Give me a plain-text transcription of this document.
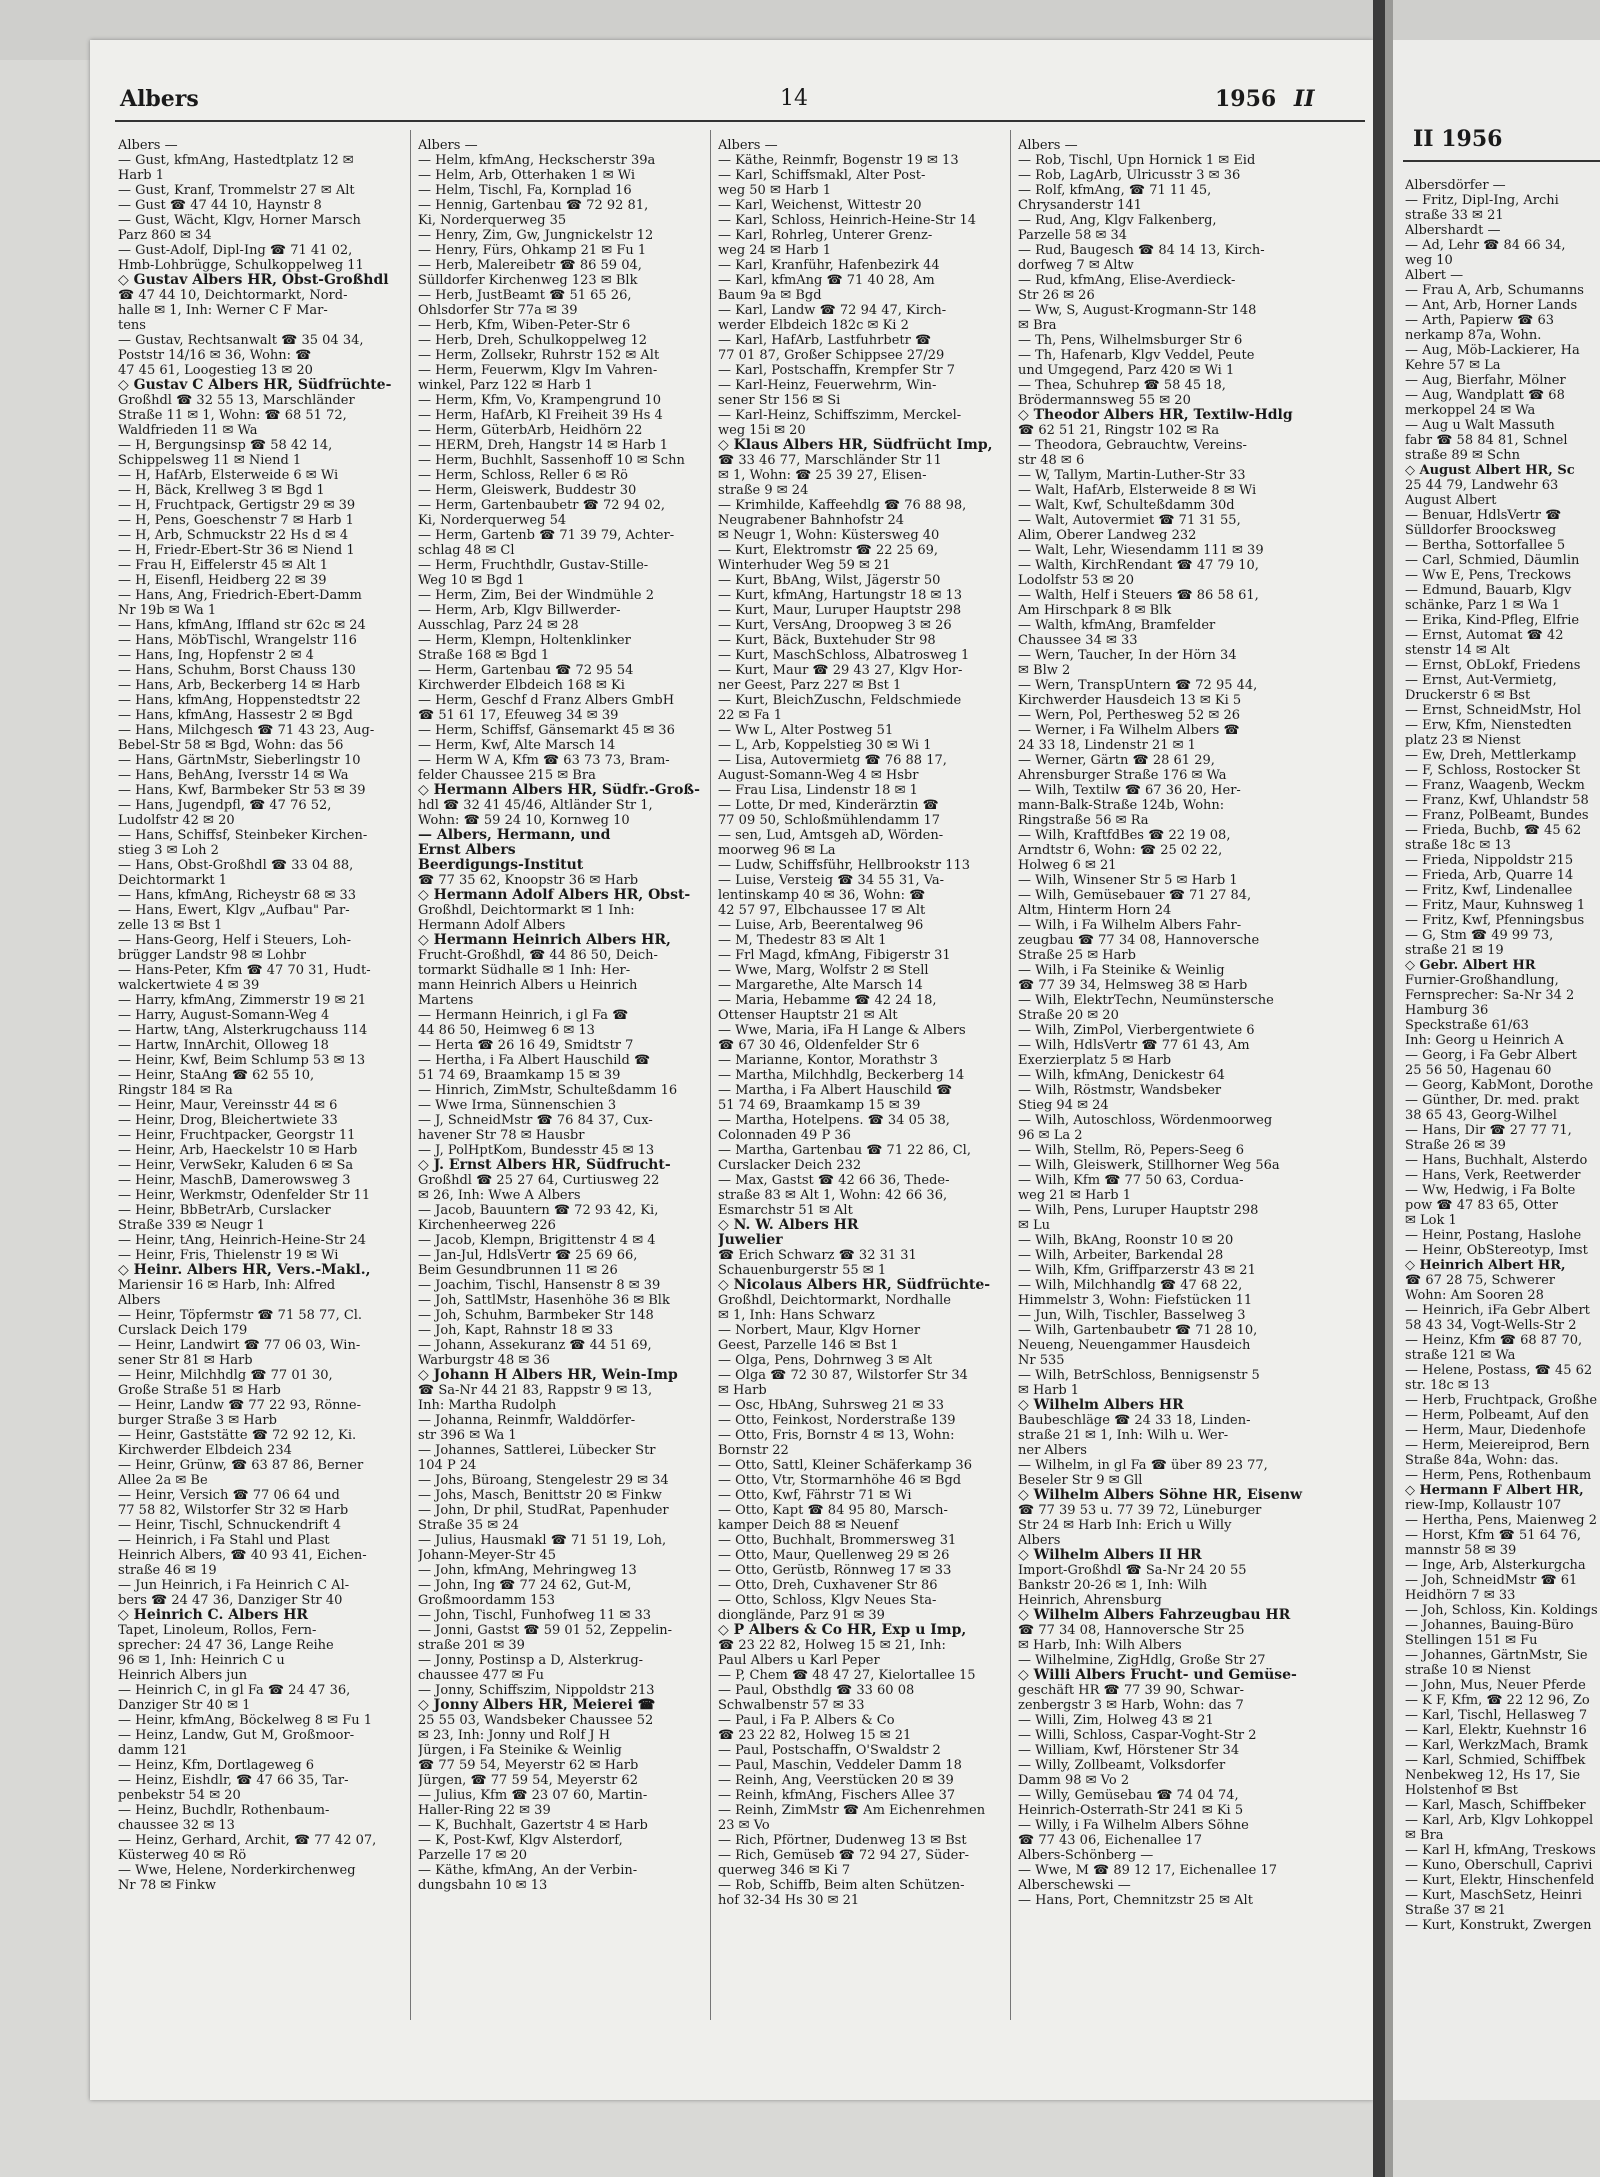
II 1956

Albersdörfer —

— Fritz, Dipl-Ing, Archi

straße 33 ✉ 21

Albershardt —

— Ad, Lehr ☎ 84 66 34,

weg 10

Albert —

— Frau A, Arb, Schumanns

— Ant, Arb, Horner Lands

— Arth, Papierw ☎ 63

nerkamp 87a, Wohn.

— Aug, Möb-Lackierer, Ha

Kehre 57 ✉ La

— Aug, Bierfahr, Mölner

— Aug, Wandplatt ☎ 68

merkoppel 24 ✉ Wa

— Aug u Walt Massuth

fabr ☎ 58 84 81, Schnel

straße 89 ✉ Schn

◇ August Albert HR, Sc

25 44 79, Landwehr 63

August Albert

— Benuar, HdlsVertr ☎

Sülldorfer Broocksweg

— Bertha, Sottorfallee 5

— Carl, Schmied, Däumlin

— Ww E, Pens, Treckows

— Edmund, Bauarb, Klgv

schänke, Parz 1 ✉ Wa 1

— Erika, Kind-Pfleg, Elfrie

— Ernst, Automat ☎ 42

stenstr 14 ✉ Alt

— Ernst, ObLokf, Friedens

— Ernst, Aut-Vermietg,

Druckerstr 6 ✉ Bst

— Ernst, SchneidMstr, Hol

— Erw, Kfm, Nienstedten

platz 23 ✉ Nienst

— Ew, Dreh, Mettlerkamp

— F, Schloss, Rostocker St

— Franz, Waagenb, Weckm

— Franz, Kwf, Uhlandstr 58

— Franz, PolBeamt, Bundes

— Frieda, Buchb, ☎ 45 62

straße 18c ✉ 13

— Frieda, Nippoldstr 215

— Frieda, Arb, Quarre 14

— Fritz, Kwf, Lindenallee

— Fritz, Maur, Kuhnsweg 1

— Fritz, Kwf, Pfenningsbus

— G, Stm ☎ 49 99 73,

straße 21 ✉ 19

◇ Gebr. Albert HR

Furnier-Großhandlung,

Fernsprecher: Sa-Nr 34 2

Hamburg 36

Speckstraße 61/63

Inh: Georg u Heinrich A

— Georg, i Fa Gebr Albert

25 56 50, Hagenau 60

— Georg, KabMont, Dorothe

— Günther, Dr. med. prakt

38 65 43, Georg-Wilhel

— Hans, Dir ☎ 27 77 71,

Straße 26 ✉ 39

— Hans, Buchhalt, Alsterdo

— Hans, Verk, Reetwerder

— Ww, Hedwig, i Fa Bolte

pow ☎ 47 83 65, Otter

✉ Lok 1

— Heinr, Postang, Haslohe

— Heinr, ObStereotyp, Imst

◇ Heinrich Albert HR,

☎ 67 28 75, Schwerer

Wohn: Am Sooren 28

— Heinrich, iFa Gebr Albert

58 43 34, Vogt-Wells-Str 2

— Heinz, Kfm ☎ 68 87 70,

straße 121 ✉ Wa

— Helene, Postass, ☎ 45 62

str. 18c ✉ 13

— Herb, Fruchtpack, Großhe

— Herm, Polbeamt, Auf den

— Herm, Maur, Diedenhofe

— Herm, Meiereiprod, Bern

Straße 84a, Wohn: das.

— Herm, Pens, Rothenbaum

◇ Hermann F Albert HR,

riew-Imp, Kollaustr 107

— Hertha, Pens, Maienweg 2

— Horst, Kfm ☎ 51 64 76,

mannstr 58 ✉ 39

— Inge, Arb, Alsterkurgcha

— Joh, SchneidMstr ☎ 61

Heidhörn 7 ✉ 33

— Joh, Schloss, Kin. Koldings

— Johannes, Bauing-Büro

Stellingen 151 ✉ Fu

— Johannes, GärtnMstr, Sie

straße 10 ✉ Nienst

— John, Mus, Neuer Pferde

— K F, Kfm, ☎ 22 12 96, Zo

— Karl, Tischl, Hellasweg 7

— Karl, Elektr, Kuehnstr 16

— Karl, WerkzMach, Bramk

— Karl, Schmied, Schiffbek

Nenbekweg 12, Hs 17, Sie

Holstenhof ✉ Bst

— Karl, Masch, Schiffbeker

— Karl, Arb, Klgv Lohkoppel

✉ Bra

— Karl H, kfmAng, Treskows

— Kuno, Oberschull, Caprivi

— Kurt, Elektr, Hinschenfeld

— Kurt, MaschSetz, Heinri

Straße 37 ✉ 21

— Kurt, Konstrukt, Zwergen

Albers	14	1956 II

Albers —

— Gust, kfmAng, Hastedtplatz 12 ✉

Harb 1

— Gust, Kranf, Trommelstr 27 ✉ Alt

— Gust ☎ 47 44 10, Haynstr 8

— Gust, Wächt, Klgv, Horner Marsch

Parz 860 ✉ 34

— Gust-Adolf, Dipl-Ing ☎ 71 41 02,

Hmb-Lohbrügge, Schulkoppelweg 11

◇ Gustav Albers HR, Obst-Großhdl

☎ 47 44 10, Deichtormarkt, Nord-

halle ✉ 1, Inh: Werner C F Mar-

tens

— Gustav, Rechtsanwalt ☎ 35 04 34,

Poststr 14/16 ✉ 36, Wohn: ☎

47 45 61, Loogestieg 13 ✉ 20

◇ Gustav C Albers HR, Südfrüchte-

Großhdl ☎ 32 55 13, Marschländer

Straße 11 ✉ 1, Wohn: ☎ 68 51 72,

Waldfrieden 11 ✉ Wa

— H, Bergungsinsp ☎ 58 42 14,

Schippelsweg 11 ✉ Niend 1

— H, HafArb, Elsterweide 6 ✉ Wi

— H, Bäck, Krellweg 3 ✉ Bgd 1

— H, Fruchtpack, Gertigstr 29 ✉ 39

— H, Pens, Goeschenstr 7 ✉ Harb 1

— H, Arb, Schmuckstr 22 Hs d ✉ 4

— H, Friedr-Ebert-Str 36 ✉ Niend 1

— Frau H, Eiffelerstr 45 ✉ Alt 1

— H, Eisenfl, Heidberg 22 ✉ 39

— Hans, Ang, Friedrich-Ebert-Damm

Nr 19b ✉ Wa 1

— Hans, kfmAng, Iffland str 62c ✉ 24

— Hans, MöbTischl, Wrangelstr 116

— Hans, Ing, Hopfenstr 2 ✉ 4

— Hans, Schuhm, Borst Chauss 130

— Hans, Arb, Beckerberg 14 ✉ Harb

— Hans, kfmAng, Hoppenstedtstr 22

— Hans, kfmAng, Hassestr 2 ✉ Bgd

— Hans, Milchgesch ☎ 71 43 23, Aug-

Bebel-Str 58 ✉ Bgd, Wohn: das 56

— Hans, GärtnMstr, Sieberlingstr 10

— Hans, BehAng, Iversstr 14 ✉ Wa

— Hans, Kwf, Barmbeker Str 53 ✉ 39

— Hans, Jugendpfl, ☎ 47 76 52,

Ludolfstr 42 ✉ 20

— Hans, Schiffsf, Steinbeker Kirchen-

stieg 3 ✉ Loh 2

— Hans, Obst-Großhdl ☎ 33 04 88,

Deichtormarkt 1

— Hans, kfmAng, Richeystr 68 ✉ 33

— Hans, Ewert, Klgv „Aufbau" Par-

zelle 13 ✉ Bst 1

— Hans-Georg, Helf i Steuers, Loh-

brügger Landstr 98 ✉ Lohbr

— Hans-Peter, Kfm ☎ 47 70 31, Hudt-

walckertwiete 4 ✉ 39

— Harry, kfmAng, Zimmerstr 19 ✉ 21

— Harry, August-Somann-Weg 4

— Hartw, tAng, Alsterkrugchauss 114

— Hartw, InnArchit, Olloweg 18

— Heinr, Kwf, Beim Schlump 53 ✉ 13

— Heinr, StaAng ☎ 62 55 10,

Ringstr 184 ✉ Ra

— Heinr, Maur, Vereinsstr 44 ✉ 6

— Heinr, Drog, Bleichertwiete 33

— Heinr, Fruchtpacker, Georgstr 11

— Heinr, Arb, Haeckelstr 10 ✉ Harb

— Heinr, VerwSekr, Kaluden 6 ✉ Sa

— Heinr, MaschB, Damerowsweg 3

— Heinr, Werkmstr, Odenfelder Str 11

— Heinr, BbBetrArb, Curslacker

Straße 339 ✉ Neugr 1

— Heinr, tAng, Heinrich-Heine-Str 24

— Heinr, Fris, Thielenstr 19 ✉ Wi

◇ Heinr. Albers HR, Vers.-Makl.,

Mariensir 16 ✉ Harb, Inh: Alfred

Albers

— Heinr, Töpfermstr ☎ 71 58 77, Cl.

Curslack Deich 179

— Heinr, Landwirt ☎ 77 06 03, Win-

sener Str 81 ✉ Harb

— Heinr, Milchhdlg ☎ 77 01 30,

Große Straße 51 ✉ Harb

— Heinr, Landw ☎ 77 22 93, Rönne-

burger Straße 3 ✉ Harb

— Heinr, Gaststätte ☎ 72 92 12, Ki.

Kirchwerder Elbdeich 234

— Heinr, Grünw, ☎ 63 87 86, Berner

Allee 2a ✉ Be

— Heinr, Versich ☎ 77 06 64 und

77 58 82, Wilstorfer Str 32 ✉ Harb

— Heinr, Tischl, Schnuckendrift 4

— Heinrich, i Fa Stahl und Plast

Heinrich Albers, ☎ 40 93 41, Eichen-

straße 46 ✉ 19

— Jun Heinrich, i Fa Heinrich C Al-

bers ☎ 24 47 36, Danziger Str 40

◇ Heinrich C. Albers HR

Tapet, Linoleum, Rollos, Fern-

sprecher: 24 47 36, Lange Reihe

96 ✉ 1, Inh: Heinrich C u

Heinrich Albers jun

— Heinrich C, in gl Fa ☎ 24 47 36,

Danziger Str 40 ✉ 1

— Heinr, kfmAng, Böckelweg 8 ✉ Fu 1

— Heinz, Landw, Gut M, Großmoor-

damm 121

— Heinz, Kfm, Dortlageweg 6

— Heinz, Eishdlr, ☎ 47 66 35, Tar-

penbekstr 54 ✉ 20

— Heinz, Buchdlr, Rothenbaum-

chaussee 32 ✉ 13

— Heinz, Gerhard, Archit, ☎ 77 42 07,

Küsterweg 40 ✉ Rö

— Wwe, Helene, Norderkirchenweg

Nr 78 ✉ Finkw

Albers —

— Helm, kfmAng, Heckscherstr 39a

— Helm, Arb, Otterhaken 1 ✉ Wi

— Helm, Tischl, Fa, Kornplad 16

— Hennig, Gartenbau ☎ 72 92 81,

Ki, Norderquerweg 35

— Henry, Zim, Gw, Jungnickelstr 12

— Henry, Fürs, Ohkamp 21 ✉ Fu 1

— Herb, Malereibetr ☎ 86 59 04,

Sülldorfer Kirchenweg 123 ✉ Blk

— Herb, JustBeamt ☎ 51 65 26,

Ohlsdorfer Str 77a ✉ 39

— Herb, Kfm, Wiben-Peter-Str 6

— Herb, Dreh, Schulkoppelweg 12

— Herm, Zollsekr, Ruhrstr 152 ✉ Alt

— Herm, Feuerwm, Klgv Im Vahren-

winkel, Parz 122 ✉ Harb 1

— Herm, Kfm, Vo, Krampengrund 10

— Herm, HafArb, Kl Freiheit 39 Hs 4

— Herm, GüterbArb, Heidhörn 22

— HERM, Dreh, Hangstr 14 ✉ Harb 1

— Herm, Buchhlt, Sassenhoff 10 ✉ Schn

— Herm, Schloss, Reller 6 ✉ Rö

— Herm, Gleiswerk, Buddestr 30

— Herm, Gartenbaubetr ☎ 72 94 02,

Ki, Norderquerweg 54

— Herm, Gartenb ☎ 71 39 79, Achter-

schlag 48 ✉ Cl

— Herm, Fruchthdlr, Gustav-Stille-

Weg 10 ✉ Bgd 1

— Herm, Zim, Bei der Windmühle 2

— Herm, Arb, Klgv Billwerder-

Ausschlag, Parz 24 ✉ 28

— Herm, Klempn, Holtenklinker

Straße 168 ✉ Bgd 1

— Herm, Gartenbau ☎ 72 95 54

Kirchwerder Elbdeich 168 ✉ Ki

— Herm, Geschf d Franz Albers GmbH

☎ 51 61 17, Efeuweg 34 ✉ 39

— Herm, Schiffsf, Gänsemarkt 45 ✉ 36

— Herm, Kwf, Alte Marsch 14

— Herm W A, Kfm ☎ 63 73 73, Bram-

felder Chaussee 215 ✉ Bra

◇ Hermann Albers HR, Südfr.-Groß-

hdl ☎ 32 41 45/46, Altländer Str 1,

Wohn: ☎ 59 24 10, Kornweg 10

— Albers, Hermann, und

Ernst Albers

Beerdigungs-Institut

☎ 77 35 62, Knoopstr 36 ✉ Harb

◇ Hermann Adolf Albers HR, Obst-

Großhdl, Deichtormarkt ✉ 1 Inh:

Hermann Adolf Albers

◇ Hermann Heinrich Albers HR,

Frucht-Großhdl, ☎ 44 86 50, Deich-

tormarkt Südhalle ✉ 1 Inh: Her-

mann Heinrich Albers u Heinrich

Martens

— Hermann Heinrich, i gl Fa ☎

44 86 50, Heimweg 6 ✉ 13

— Herta ☎ 26 16 49, Smidtstr 7

— Hertha, i Fa Albert Hauschild ☎

51 74 69, Braamkamp 15 ✉ 39

— Hinrich, ZimMstr, Schulteßdamm 16

— Wwe Irma, Sünnenschien 3

— J, SchneidMstr ☎ 76 84 37, Cux-

havener Str 78 ✉ Hausbr

— J, PolHptKom, Bundesstr 45 ✉ 13

◇ J. Ernst Albers HR, Südfrucht-

Großhdl ☎ 25 27 64, Curtiusweg 22

✉ 26, Inh: Wwe A Albers

— Jacob, Bauuntern ☎ 72 93 42, Ki,

Kirchenheerweg 226

— Jacob, Klempn, Brigittenstr 4 ✉ 4

— Jan-Jul, HdlsVertr ☎ 25 69 66,

Beim Gesundbrunnen 11 ✉ 26

— Joachim, Tischl, Hansenstr 8 ✉ 39

— Joh, SattlMstr, Hasenhöhe 36 ✉ Blk

— Joh, Schuhm, Barmbeker Str 148

— Joh, Kapt, Rahnstr 18 ✉ 33

— Johann, Assekuranz ☎ 44 51 69,

Warburgstr 48 ✉ 36

◇ Johann H Albers HR, Wein-Imp

☎ Sa-Nr 44 21 83, Rappstr 9 ✉ 13,

Inh: Martha Rudolph

— Johanna, Reinmfr, Walddörfer-

str 396 ✉ Wa 1

— Johannes, Sattlerei, Lübecker Str

104 P 24

— Johs, Büroang, Stengelestr 29 ✉ 34

— Johs, Masch, Benittstr 20 ✉ Finkw

— John, Dr phil, StudRat, Papenhuder

Straße 35 ✉ 24

— Julius, Hausmakl ☎ 71 51 19, Loh,

Johann-Meyer-Str 45

— John, kfmAng, Mehringweg 13

— John, Ing ☎ 77 24 62, Gut-M,

Großmoordamm 153

— John, Tischl, Funhofweg 11 ✉ 33

— Jonni, Gastst ☎ 59 01 52, Zeppelin-

straße 201 ✉ 39

— Jonny, Postinsp a D, Alsterkrug-

chaussee 477 ✉ Fu

— Jonny, Schiffszim, Nippoldstr 213

◇ Jonny Albers HR, Meierei ☎

25 55 03, Wandsbeker Chaussee 52

✉ 23, Inh: Jonny und Rolf J H

Jürgen, i Fa Steinike & Weinlig

☎ 77 59 54, Meyerstr 62 ✉ Harb

Jürgen, ☎ 77 59 54, Meyerstr 62

— Julius, Kfm ☎ 23 07 60, Martin-

Haller-Ring 22 ✉ 39

— K, Buchhalt, Gazertstr 4 ✉ Harb

— K, Post-Kwf, Klgv Alsterdorf,

Parzelle 17 ✉ 20

— Käthe, kfmAng, An der Verbin-

dungsbahn 10 ✉ 13

Albers —

— Käthe, Reinmfr, Bogenstr 19 ✉ 13

— Karl, Schiffsmakl, Alter Post-

weg 50 ✉ Harb 1

— Karl, Weichenst, Wittestr 20

— Karl, Schloss, Heinrich-Heine-Str 14

— Karl, Rohrleg, Unterer Grenz-

weg 24 ✉ Harb 1

— Karl, Kranführ, Hafenbezirk 44

— Karl, kfmAng ☎ 71 40 28, Am

Baum 9a ✉ Bgd

— Karl, Landw ☎ 72 94 47, Kirch-

werder Elbdeich 182c ✉ Ki 2

— Karl, HafArb, Lastfuhrbetr ☎

77 01 87, Großer Schippsee 27/29

— Karl, Postschaffn, Krempfer Str 7

— Karl-Heinz, Feuerwehrm, Win-

sener Str 156 ✉ Si

— Karl-Heinz, Schiffszimm, Merckel-

weg 15i ✉ 20

◇ Klaus Albers HR, Südfrücht Imp,

☎ 33 46 77, Marschländer Str 11

✉ 1, Wohn: ☎ 25 39 27, Elisen-

straße 9 ✉ 24

— Krimhilde, Kaffeehdlg ☎ 76 88 98,

Neugrabener Bahnhofstr 24

✉ Neugr 1, Wohn: Küstersweg 40

— Kurt, Elektromstr ☎ 22 25 69,

Winterhuder Weg 59 ✉ 21

— Kurt, BbAng, Wilst, Jägerstr 50

— Kurt, kfmAng, Hartungstr 18 ✉ 13

— Kurt, Maur, Luruper Hauptstr 298

— Kurt, VersAng, Droopweg 3 ✉ 26

— Kurt, Bäck, Buxtehuder Str 98

— Kurt, MaschSchloss, Albatrosweg 1

— Kurt, Maur ☎ 29 43 27, Klgv Hor-

ner Geest, Parz 227 ✉ Bst 1

— Kurt, BleichZuschn, Feldschmiede

22 ✉ Fa 1

— Ww L, Alter Postweg 51

— L, Arb, Koppelstieg 30 ✉ Wi 1

— Lisa, Autovermietg ☎ 76 88 17,

August-Somann-Weg 4 ✉ Hsbr

— Frau Lisa, Lindenstr 18 ✉ 1

— Lotte, Dr med, Kinderärztin ☎

77 09 50, Schloßmühlendamm 17

— sen, Lud, Amtsgeh aD, Wörden-

moorweg 96 ✉ La

— Ludw, Schiffsführ, Hellbrookstr 113

— Luise, Versteig ☎ 34 55 31, Va-

lentinskamp 40 ✉ 36, Wohn: ☎

42 57 97, Elbchaussee 17 ✉ Alt

— Luise, Arb, Beerentalweg 96

— M, Thedestr 83 ✉ Alt 1

— Frl Magd, kfmAng, Fibigerstr 31

— Wwe, Marg, Wolfstr 2 ✉ Stell

— Margarethe, Alte Marsch 14

— Maria, Hebamme ☎ 42 24 18,

Ottenser Hauptstr 21 ✉ Alt

— Wwe, Maria, iFa H Lange & Albers

☎ 67 30 46, Oldenfelder Str 6

— Marianne, Kontor, Morathstr 3

— Martha, Milchhdlg, Beckerberg 14

— Martha, i Fa Albert Hauschild ☎

51 74 69, Braamkamp 15 ✉ 39

— Martha, Hotelpens. ☎ 34 05 38,

Colonnaden 49 P 36

— Martha, Gartenbau ☎ 71 22 86, Cl,

Curslacker Deich 232

— Max, Gastst ☎ 42 66 36, Thede-

straße 83 ✉ Alt 1, Wohn: 42 66 36,

Esmarchstr 51 ✉ Alt

◇ N. W. Albers HR

Juwelier

☎ Erich Schwarz ☎ 32 31 31

Schauenburgerstr 55 ✉ 1

◇ Nicolaus Albers HR, Südfrüchte-

Großhdl, Deichtormarkt, Nordhalle

✉ 1, Inh: Hans Schwarz

— Norbert, Maur, Klgv Horner

Geest, Parzelle 146 ✉ Bst 1

— Olga, Pens, Dohrnweg 3 ✉ Alt

— Olga ☎ 72 30 87, Wilstorfer Str 34

✉ Harb

— Osc, HbAng, Suhrsweg 21 ✉ 33

— Otto, Feinkost, Norderstraße 139

— Otto, Fris, Bornstr 4 ✉ 13, Wohn:

Bornstr 22

— Otto, Sattl, Kleiner Schäferkamp 36

— Otto, Vtr, Stormarnhöhe 46 ✉ Bgd

— Otto, Kwf, Fährstr 71 ✉ Wi

— Otto, Kapt ☎ 84 95 80, Marsch-

kamper Deich 88 ✉ Neuenf

— Otto, Buchhalt, Brommersweg 31

— Otto, Maur, Quellenweg 29 ✉ 26

— Otto, Gerüstb, Rönnweg 17 ✉ 33

— Otto, Dreh, Cuxhavener Str 86

— Otto, Schloss, Klgv Neues Sta-

dionglände, Parz 91 ✉ 39

◇ P Albers & Co HR, Exp u Imp,

☎ 23 22 82, Holweg 15 ✉ 21, Inh:

Paul Albers u Karl Peper

— P, Chem ☎ 48 47 27, Kielortallee 15

— Paul, Obsthdlg ☎ 33 60 08

Schwalbenstr 57 ✉ 33

— Paul, i Fa P. Albers & Co

☎ 23 22 82, Holweg 15 ✉ 21

— Paul, Postschaffn, O'Swaldstr 2

— Paul, Maschin, Veddeler Damm 18

— Reinh, Ang, Veerstücken 20 ✉ 39

— Reinh, kfmAng, Fischers Allee 37

— Reinh, ZimMstr ☎ Am Eichenrehmen

23 ✉ Vo

— Rich, Pförtner, Dudenweg 13 ✉ Bst

— Rich, Gemüseb ☎ 72 94 27, Süder-

querweg 346 ✉ Ki 7

— Rob, Schiffb, Beim alten Schützen-

hof 32-34 Hs 30 ✉ 21

Albers —

— Rob, Tischl, Upn Hornick 1 ✉ Eid

— Rob, LagArb, Ulricusstr 3 ✉ 36

— Rolf, kfmAng, ☎ 71 11 45,

Chrysanderstr 141

— Rud, Ang, Klgv Falkenberg,

Parzelle 58 ✉ 34

— Rud, Baugesch ☎ 84 14 13, Kirch-

dorfweg 7 ✉ Altw

— Rud, kfmAng, Elise-Averdieck-

Str 26 ✉ 26

— Ww, S, August-Krogmann-Str 148

✉ Bra

— Th, Pens, Wilhelmsburger Str 6

— Th, Hafenarb, Klgv Veddel, Peute

und Umgegend, Parz 420 ✉ Wi 1

— Thea, Schuhrep ☎ 58 45 18,

Brödermannsweg 55 ✉ 20

◇ Theodor Albers HR, Textilw-Hdlg

☎ 62 51 21, Ringstr 102 ✉ Ra

— Theodora, Gebrauchtw, Vereins-

str 48 ✉ 6

— W, Tallym, Martin-Luther-Str 33

— Walt, HafArb, Elsterweide 8 ✉ Wi

— Walt, Kwf, Schulteßdamm 30d

— Walt, Autovermiet ☎ 71 31 55,

Alim, Oberer Landweg 232

— Walt, Lehr, Wiesendamm 111 ✉ 39

— Walth, KirchRendant ☎ 47 79 10,

Lodolfstr 53 ✉ 20

— Walth, Helf i Steuers ☎ 86 58 61,

Am Hirschpark 8 ✉ Blk

— Walth, kfmAng, Bramfelder

Chaussee 34 ✉ 33

— Wern, Taucher, In der Hörn 34

✉ Blw 2

— Wern, TranspUntern ☎ 72 95 44,

Kirchwerder Hausdeich 13 ✉ Ki 5

— Wern, Pol, Perthesweg 52 ✉ 26

— Werner, i Fa Wilhelm Albers ☎

24 33 18, Lindenstr 21 ✉ 1

— Werner, Gärtn ☎ 28 61 29,

Ahrensburger Straße 176 ✉ Wa

— Wilh, Textilw ☎ 67 36 20, Her-

mann-Balk-Straße 124b, Wohn:

Ringstraße 56 ✉ Ra

— Wilh, KraftfdBes ☎ 22 19 08,

Arndtstr 6, Wohn: ☎ 25 02 22,

Holweg 6 ✉ 21

— Wilh, Winsener Str 5 ✉ Harb 1

— Wilh, Gemüsebauer ☎ 71 27 84,

Altm, Hinterm Horn 24

— Wilh, i Fa Wilhelm Albers Fahr-

zeugbau ☎ 77 34 08, Hannoversche

Straße 25 ✉ Harb

— Wilh, i Fa Steinike & Weinlig

☎ 77 39 34, Helmsweg 38 ✉ Harb

— Wilh, ElektrTechn, Neumünstersche

Straße 20 ✉ 20

— Wilh, ZimPol, Vierbergentwiete 6

— Wilh, HdlsVertr ☎ 77 61 43, Am

Exerzierplatz 5 ✉ Harb

— Wilh, kfmAng, Denickestr 64

— Wilh, Röstmstr, Wandsbeker

Stieg 94 ✉ 24

— Wilh, Autoschloss, Wördenmoorweg

96 ✉ La 2

— Wilh, Stellm, Rö, Pepers-Seeg 6

— Wilh, Gleiswerk, Stillhorner Weg 56a

— Wilh, Kfm ☎ 77 50 63, Corduа-

weg 21 ✉ Harb 1

— Wilh, Pens, Luruper Hauptstr 298

✉ Lu

— Wilh, BkAng, Roonstr 10 ✉ 20

— Wilh, Arbeiter, Barkendal 28

— Wilh, Kfm, Griffparzerstr 43 ✉ 21

— Wilh, Milchhandlg ☎ 47 68 22,

Himmelstr 3, Wohn: Fiefstücken 11

— Jun, Wilh, Tischler, Basselweg 3

— Wilh, Gartenbaubetr ☎ 71 28 10,

Neueng, Neuengammer Hausdeich

Nr 535

— Wilh, BetrSchloss, Bennigsenstr 5

✉ Harb 1

◇ Wilhelm Albers HR

Baubeschläge ☎ 24 33 18, Linden-

straße 21 ✉ 1, Inh: Wilh u. Wer-

ner Albers

— Wilhelm, in gl Fa ☎ über 89 23 77,

Beseler Str 9 ✉ Gll

◇ Wilhelm Albers Söhne HR, Eisenw

☎ 77 39 53 u. 77 39 72, Lüneburger

Str 24 ✉ Harb Inh: Erich u Willy

Albers

◇ Wilhelm Albers II HR

Import-Großhdl ☎ Sa-Nr 24 20 55

Bankstr 20-26 ✉ 1, Inh: Wilh

Heinrich, Ahrensburg

◇ Wilhelm Albers Fahrzeugbau HR

☎ 77 34 08, Hannoversche Str 25

✉ Harb, Inh: Wilh Albers

— Wilhelmine, ZigHdlg, Große Str 27

◇ Willi Albers Frucht- und Gemüse-

geschäft HR ☎ 77 39 90, Schwar-

zenbergstr 3 ✉ Harb, Wohn: das 7

— Willi, Zim, Holweg 43 ✉ 21

— Willi, Schloss, Caspar-Voght-Str 2

— William, Kwf, Hörstener Str 34

— Willy, Zollbeamt, Volksdorfer

Damm 98 ✉ Vo 2

— Willy, Gemüsebau ☎ 74 04 74,

Heinrich-Osterrath-Str 241 ✉ Ki 5

— Willy, i Fa Wilhelm Albers Söhne

☎ 77 43 06, Eichenallee 17

Albers-Schönberg —

— Wwe, M ☎ 89 12 17, Eichenallee 17

Alberschewski —

— Hans, Port, Chemnitzstr 25 ✉ Alt
